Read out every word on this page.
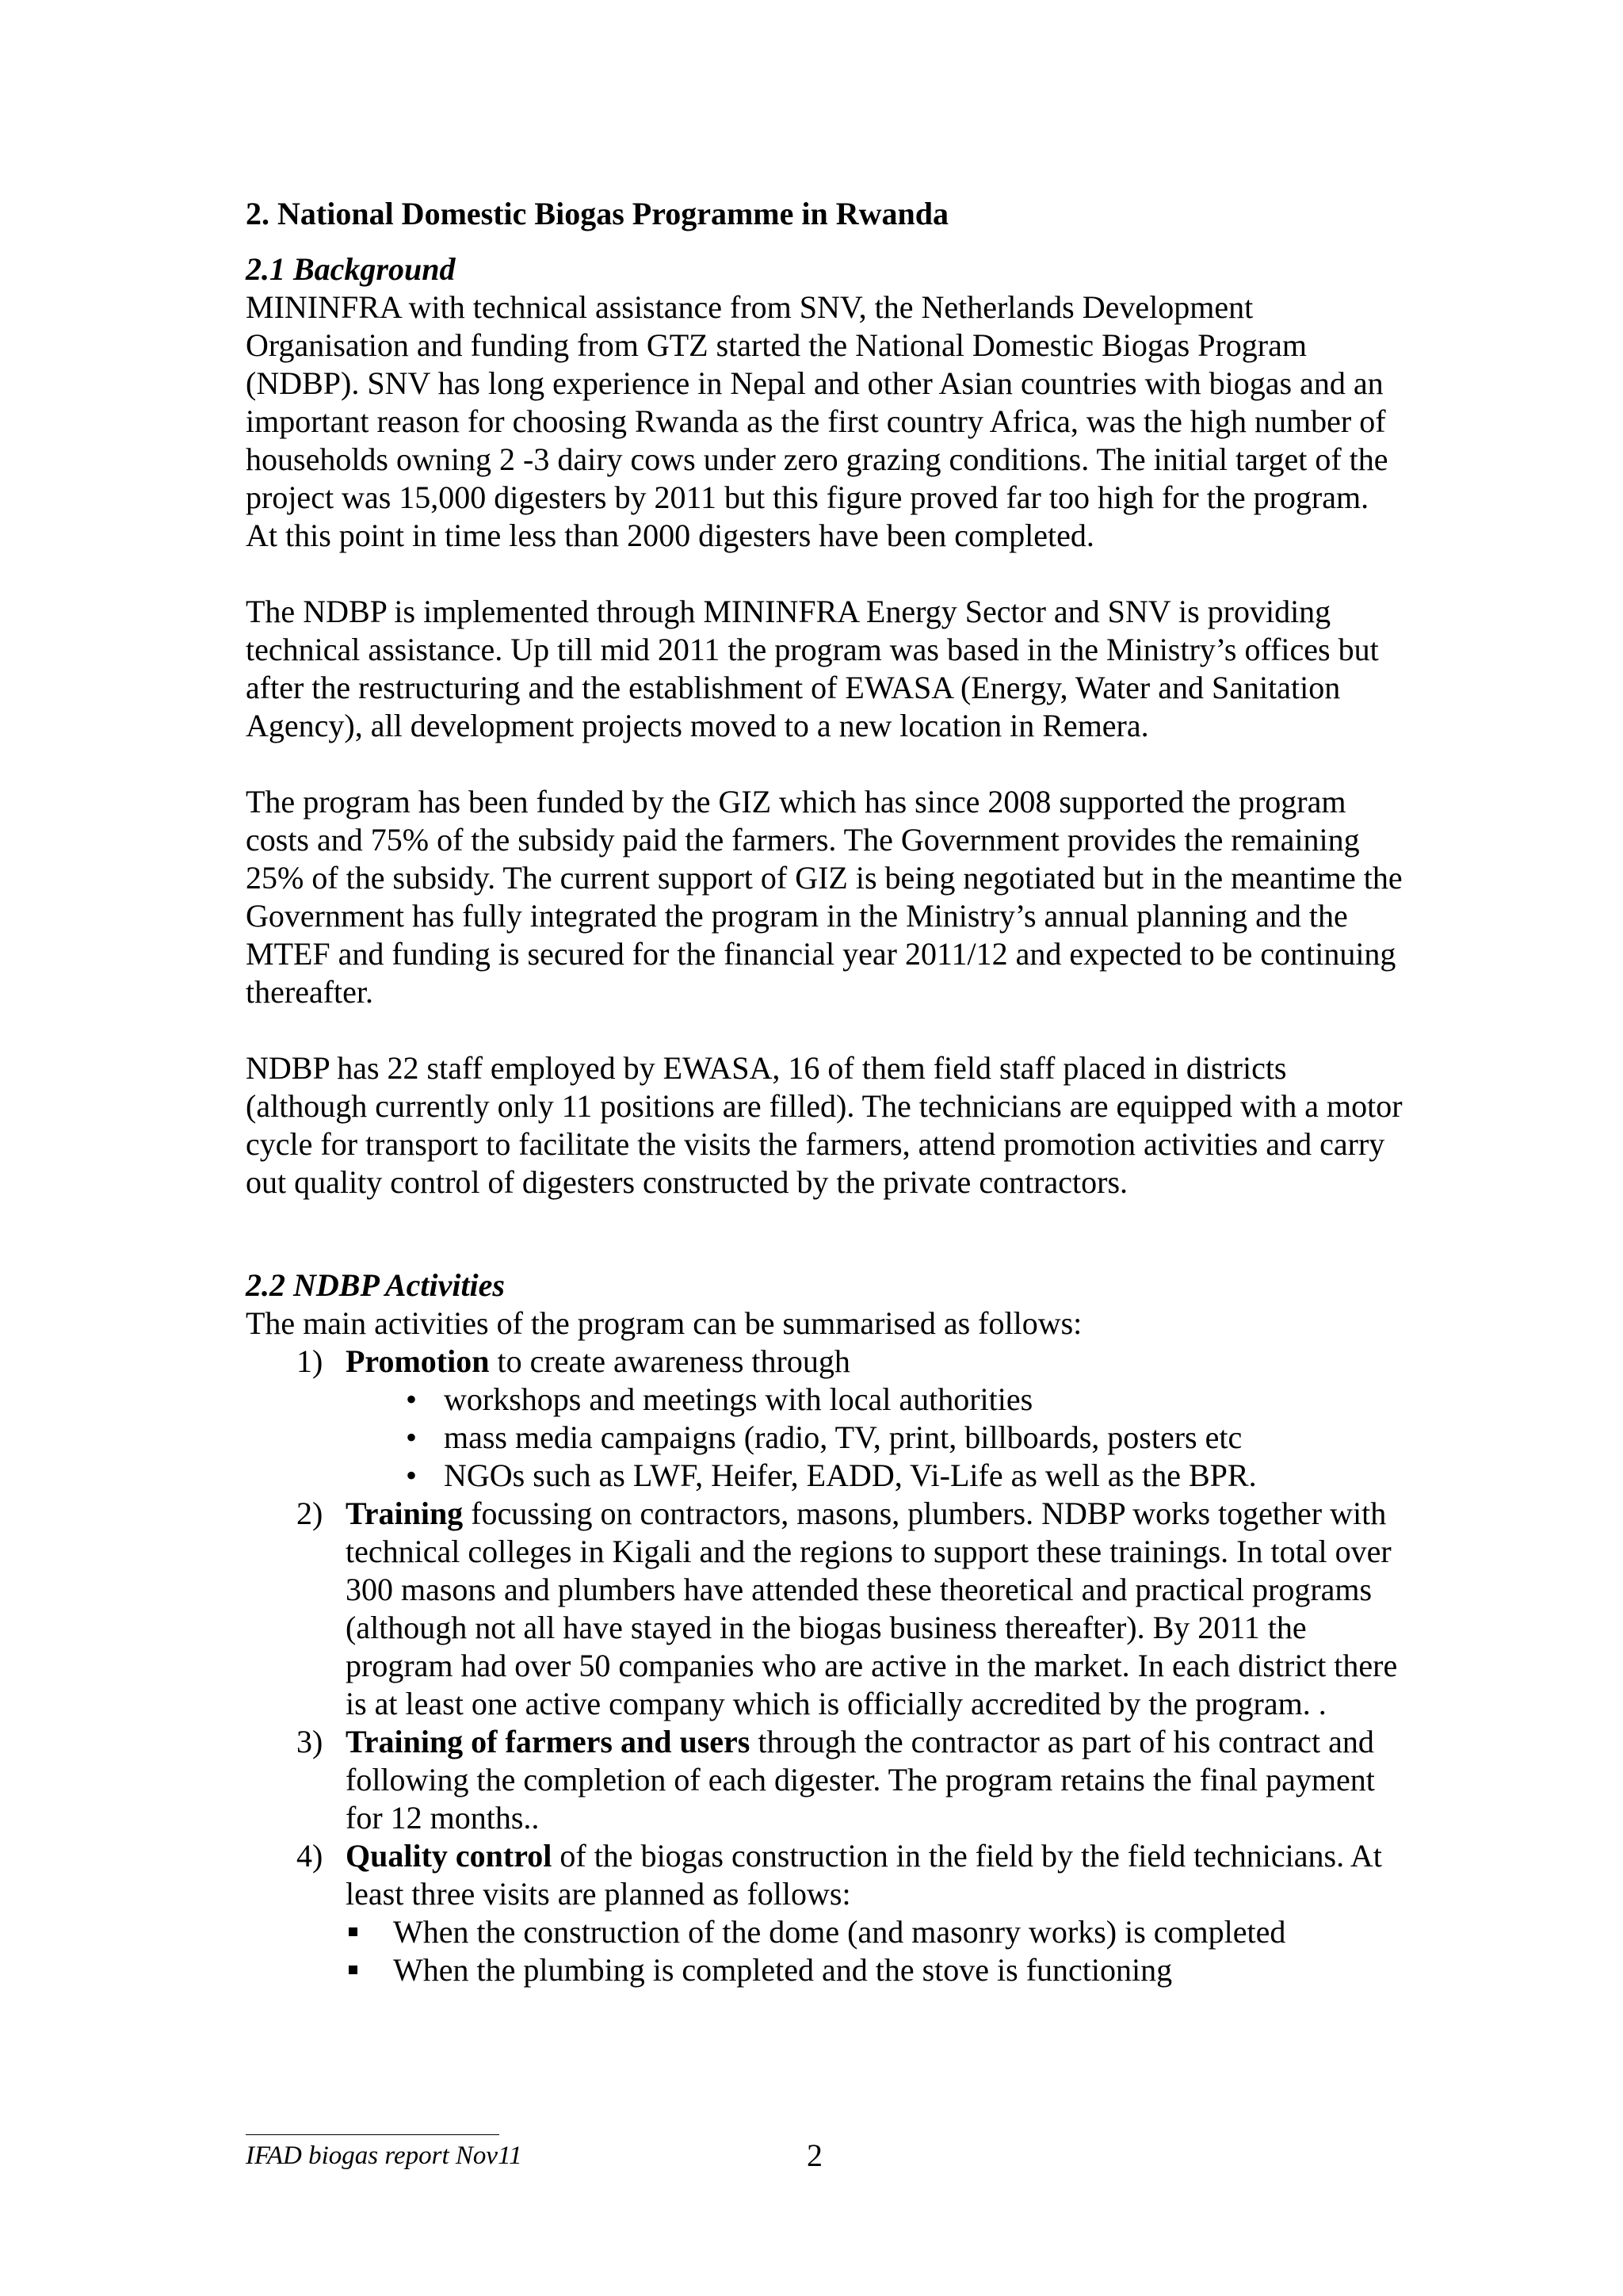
2. National Domestic Biogas Programme in Rwanda

2.1 Background

MININFRA with technical assistance from SNV, the Netherlands Development Organisation and funding from GTZ started the National Domestic Biogas Program (NDBP). SNV has long experience in Nepal and other Asian countries with biogas and an important reason for choosing Rwanda as the first country Africa, was the high number of households owning 2 -3 dairy cows under zero grazing conditions. The initial target of the project was 15,000 digesters by 2011 but this figure proved far too high for the program. At this point in time less than 2000 digesters have been completed.

The NDBP is implemented through MININFRA Energy Sector and SNV is providing technical assistance. Up till mid 2011 the program was based in the Ministry’s offices but after the restructuring and the establishment of EWASA (Energy, Water and Sanitation Agency), all development projects moved to a new location in Remera.

The program has been funded by the GIZ which has since 2008 supported the program costs and 75% of the subsidy paid the farmers. The Government provides the remaining 25% of the subsidy. The current support of GIZ is being negotiated but in the meantime the Government has fully integrated the program in the Ministry’s annual planning and the MTEF and funding is secured for the financial year 2011/12 and expected to be continuing thereafter.

NDBP has 22 staff employed by EWASA, 16 of them field staff placed in districts (although currently only 11 positions are filled). The technicians are equipped with a motor cycle for transport to facilitate the visits the farmers, attend promotion activities and carry out quality control of digesters constructed by the private contractors.

2.2 NDBP Activities

The main activities of the program can be summarised as follows:

1) Promotion to create awareness through
• workshops and meetings with local authorities
• mass media campaigns (radio, TV, print, billboards, posters etc
• NGOs such as LWF, Heifer, EADD, Vi-Life as well as the BPR.
2) Training focussing on contractors, masons, plumbers. NDBP works together with technical colleges in Kigali and the regions to support these trainings. In total over 300 masons and plumbers have attended these theoretical and practical programs (although not all have stayed in the biogas business thereafter). By 2011 the program had over 50 companies who are active in the market. In each district there is at least one active company which is officially accredited by the program. .
3) Training of farmers and users through the contractor as part of his contract and following the completion of each digester. The program retains the final payment for 12 months..
4) Quality control of the biogas construction in the field by the field technicians. At least three visits are planned as follows:
When the construction of the dome (and masonry works) is completed
When the plumbing is completed and the stove is functioning
IFAD biogas report Nov11	2
